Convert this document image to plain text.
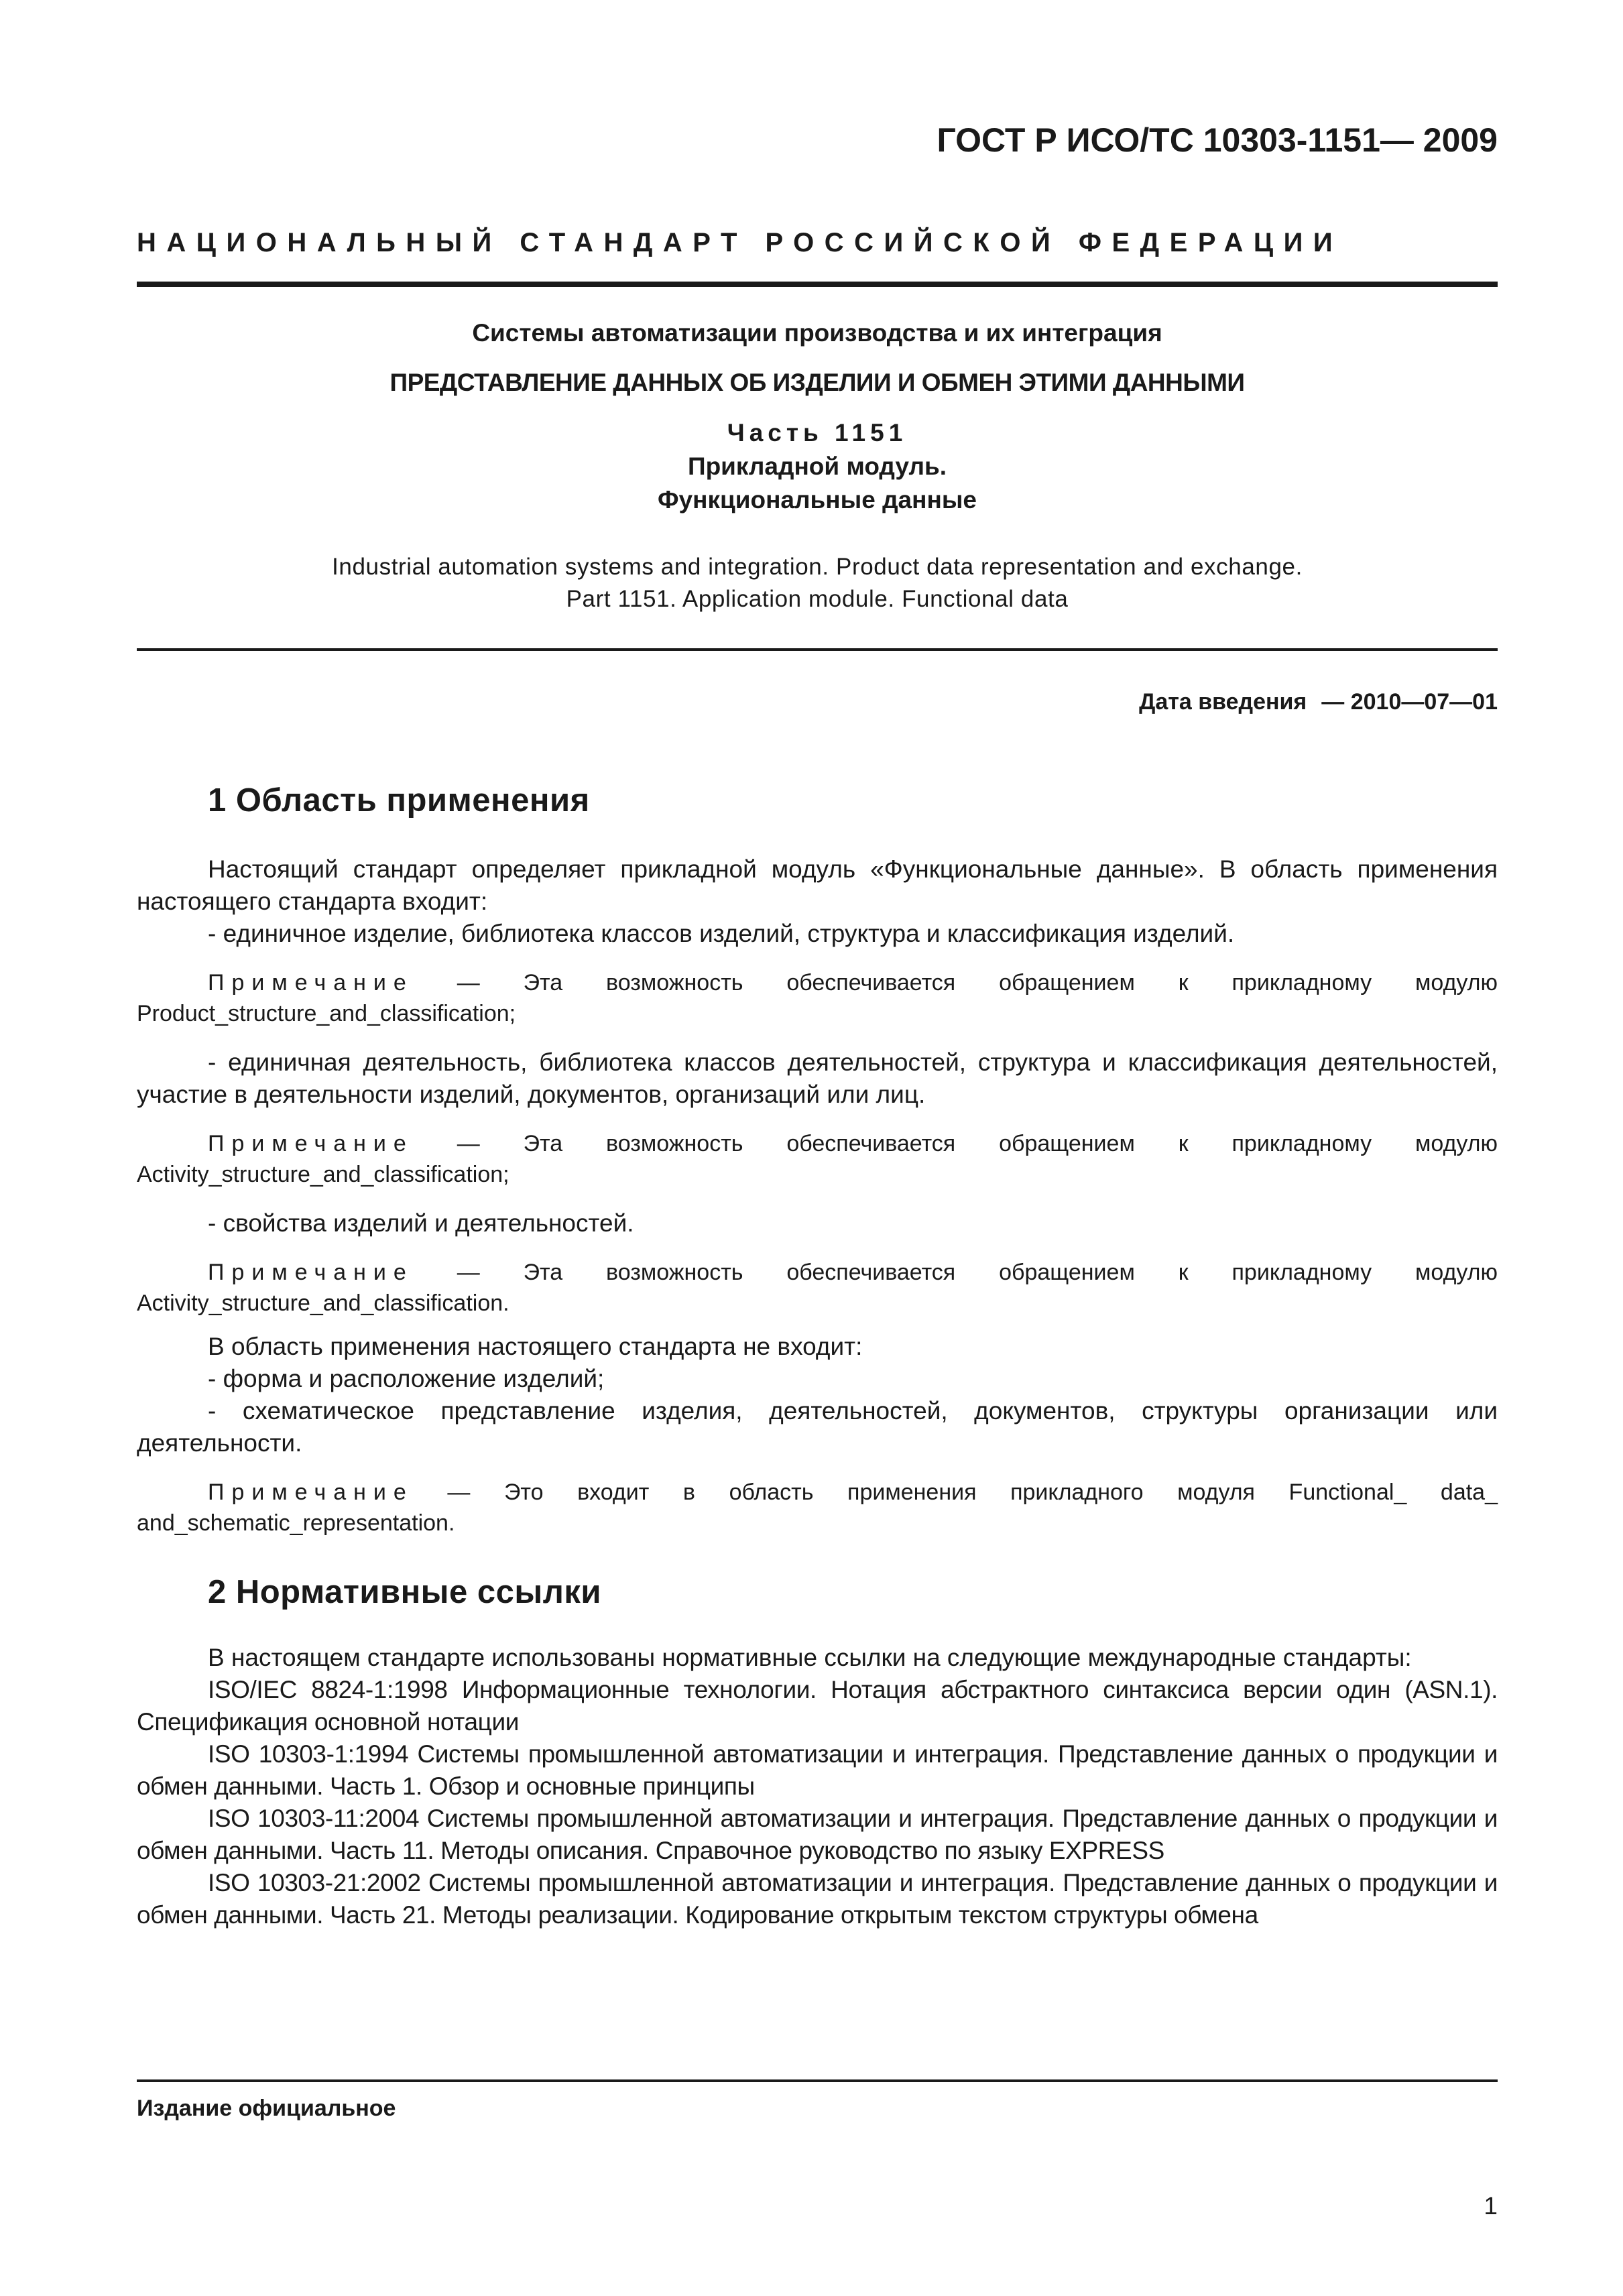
ГОСТ Р ИСО/ТС 10303-1151— 2009
НАЦИОНАЛЬНЫЙ СТАНДАРТ РОССИЙСКОЙ ФЕДЕРАЦИИ
Системы автоматизации производства и их интеграция
ПРЕДСТАВЛЕНИЕ ДАННЫХ ОБ ИЗДЕЛИИ И ОБМЕН ЭТИМИ ДАННЫМИ
Часть 1151
Прикладной модуль.
Функциональные данные
Industrial automation systems and integration. Product data representation and exchange.
Part 1151. Application module. Functional data
Дата введения — 2010—07—01
1 Область применения

Настоящий стандарт определяет прикладной модуль «Функциональные данные». В область применения настоящего стандарта входит:

- единичное изделие, библиотека классов изделий, структура и классификация изделий.

Примечание — Эта возможность обеспечивается обращением к прикладному модулю Product_structure_and_classification;

- единичная деятельность, библиотека классов деятельностей, структура и классификация деятельностей, участие в деятельности изделий, документов, организаций или лиц.

Примечание — Эта возможность обеспечивается обращением к прикладному модулю Activity_structure_and_classification;

- свойства изделий и деятельностей.

Примечание — Эта возможность обеспечивается обращением к прикладному модулю Activity_structure_and_classification.

В область применения настоящего стандарта не входит:

- форма и расположение изделий;

- схематическое представление изделия, деятельностей, документов, структуры организации или деятельности.

Примечание — Это входит в область применения прикладного модуля Functional_ data_ and_schematic_representation.

2 Нормативные ссылки

В настоящем стандарте использованы нормативные ссылки на следующие международные стандарты:

ISO/IEC 8824-1:1998 Информационные технологии. Нотация абстрактного синтаксиса версии один (ASN.1). Спецификация основной нотации

ISO 10303-1:1994 Системы промышленной автоматизации и интеграция. Представление данных о продукции и обмен данными. Часть 1. Обзор и основные принципы

ISO 10303-11:2004 Системы промышленной автоматизации и интеграция. Представление данных о продукции и обмен данными. Часть 11. Методы описания. Справочное руководство по языку EXPRESS

ISO 10303-21:2002 Системы промышленной автоматизации и интеграция. Представление данных о продукции и обмен данными. Часть 21. Методы реализации. Кодирование открытым текстом структуры обмена

Издание официальное
1
